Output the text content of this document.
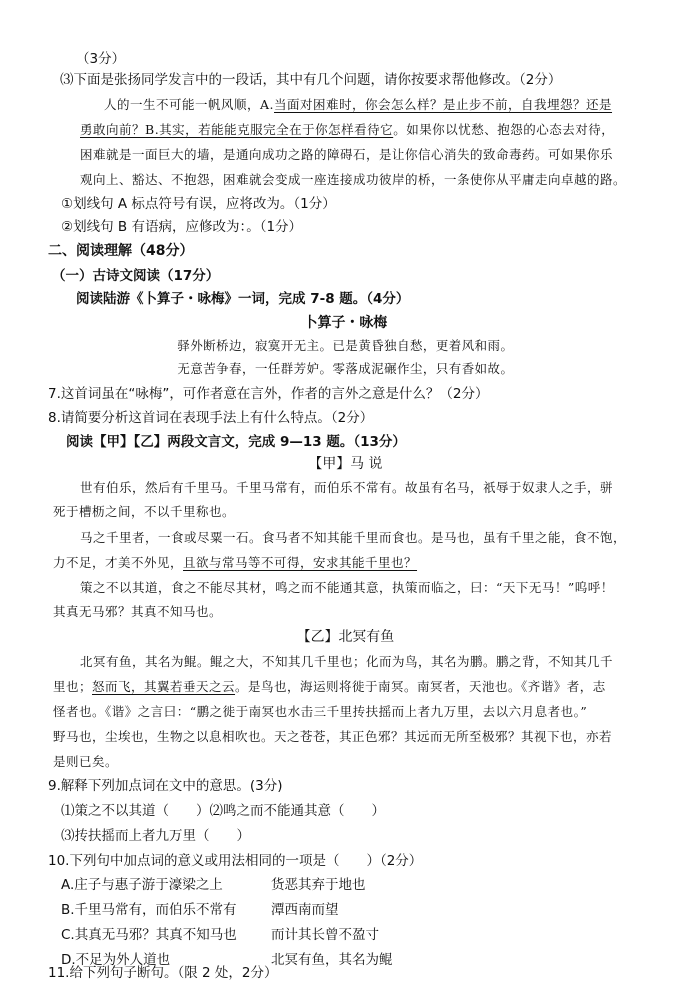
（3分）
⑶下面是张扬同学发言中的一段话，其中有几个问题，请你按要求帮他修改。（2分）
人的一生不可能一帆风顺，A.当面对困难时，你会怎么样？是止步不前，自我埋怨？还是
勇敢向前？B.其实，若能能克服完全在于你怎样看待它。如果你以忧愁、抱怨的心态去对待，
困难就是一面巨大的墙，是通向成功之路的障碍石，是让你信心消失的致命毒药。可如果你乐
观向上、豁达、不抱怨，困难就会变成一座连接成功彼岸的桥，一条使你从平庸走向卓越的路。
①划线句 A 标点符号有误，应将改为。（1分）
②划线句 B 有语病，应修改为：。（1分）
二、阅读理解（48分）
（一）古诗文阅读（17分）
阅读陆游《卜算子・咏梅》一词，完成 7-8 题。（4分）
卜算子・咏梅
驿外断桥边，寂寞开无主。已是黄昏独自愁，更着风和雨。
无意苦争春，一任群芳妒。零落成泥碾作尘，只有香如故。
7.这首词虽在“咏梅”，可作者意在言外，作者的言外之意是什么？（2分）
8.请简要分析这首词在表现手法上有什么特点。（2分）
阅读【甲】【乙】两段文言文，完成 9—13 题。（13分）
【甲】马 说
世有伯乐，然后有千里马。千里马常有，而伯乐不常有。故虽有名马，祇辱于奴隶人之手，骈
死于槽枥之间，不以千里称也。
马之千里者，一食或尽粟一石。食马者不知其能千里而食也。是马也，虽有千里之能，食不饱，
力不足，才美不外见，且欲与常马等不可得，安求其能千里也？
策之不以其道，食之不能尽其材，鸣之而不能通其意，执策而临之，曰：“天下无马！”呜呼！
其真无马邪？其真不知马也。
【乙】北冥有鱼
北冥有鱼，其名为鲲。鲲之大，不知其几千里也；化而为鸟，其名为鹏。鹏之背，不知其几千
里也；怒而飞，其翼若垂天之云。是鸟也，海运则将徙于南冥。南冥者，天池也。《齐谐》者，志
怪者也。《谐》之言曰：“鹏之徙于南冥也水击三千里抟扶摇而上者九万里，去以六月息者也。”
野马也，尘埃也，生物之以息相吹也。天之苍苍，其正色邪？其远而无所至极邪？其视下也，亦若
是则已矣。
9.解释下列加点词在文中的意思。(3分)
⑴策之不以其道（　　）⑵鸣之而不能通其意（　　）
⑶抟扶摇而上者九万里（　　）
10.下列句中加点词的意义或用法相同的一项是（　　）（2分）
A.庄子与惠子游于濠梁之上	货恶其弃于地也
B.千里马常有，而伯乐不常有	潭西南而望
C.其真无马邪？其真不知马也	而计其长曾不盈寸
D.不足为外人道也	北冥有鱼，其名为鲲
11.给下列句子断句。（限 2 处，2分）
